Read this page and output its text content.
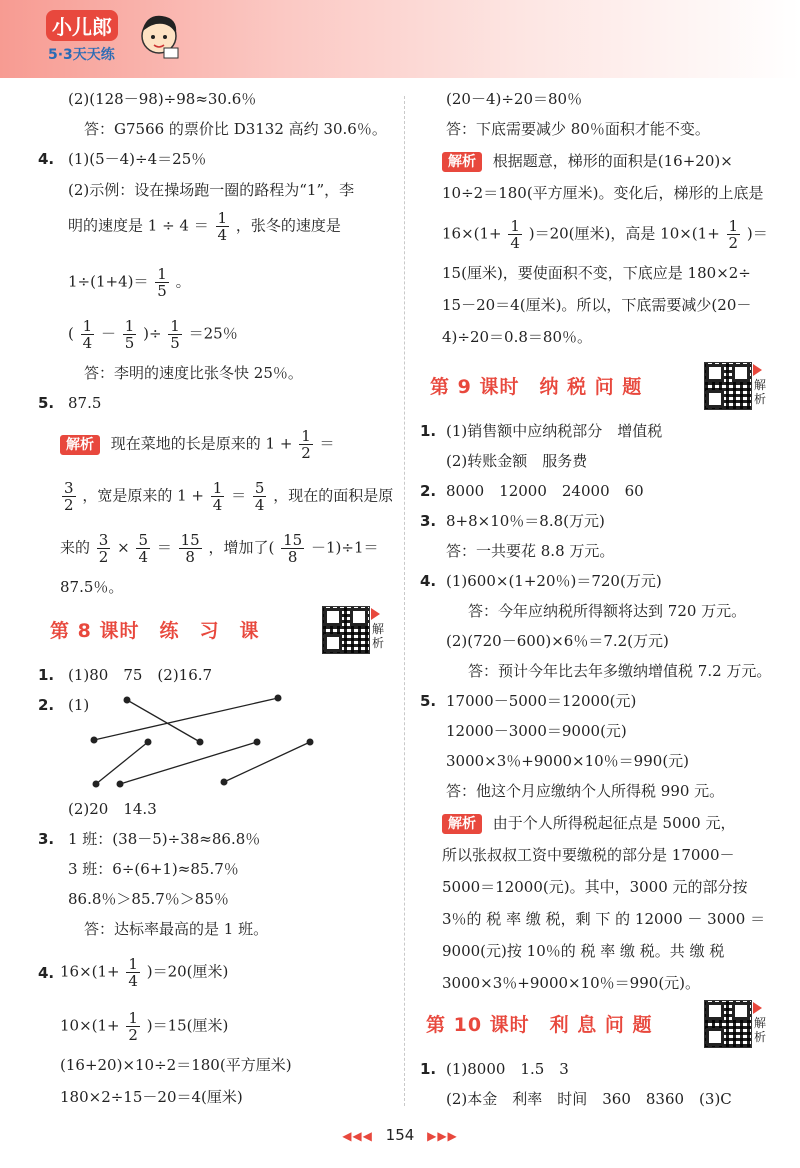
小儿郎
5·3天天练
(2)(128－98)÷98≈30.6％
答：G7566 的票价比 D3132 高约 30.6％。
4. (1)(5－4)÷4＝25％
(2)示例：设在操场跑一圈的路程为“1”，李
明的速度是 $1 \div 4 = \frac{1}{4}$ ，张冬的速度是
$1\div(1+4)= \frac{1}{5}$ 。
( $\frac{1}{4} - \frac{1}{5}$ )÷ $\frac{1}{5} =25$％
答：李明的速度比张冬快 25％。
5. 87.5
解析 现在菜地的长是原来的 $1 + \frac{1}{2}$ ＝
$\frac{3}{2}$ ，宽是原来的 $1 + \frac{1}{4} = \frac{5}{4}$ ，现在的面积是原
来的 $\frac{3}{2} \times \frac{5}{4} = \frac{15}{8}$ ，增加了( $\frac{15}{8} -1)\div 1=$
87.5％。
第 8 课时　练　习　课	解析
1. (1)80　75　(2)16.7
2. (1)
(2)20　14.3
3. 1 班：(38－5)÷38≈86.8％
3 班：6÷(6+1)≈85.7％
86.8％＞85.7％＞85％
答：达标率最高的是 1 班。
4. $16\times(1+ \frac{1}{4} )=20$(厘米)
$10\times(1+ \frac{1}{2} )=15$(厘米)
(16+20)×10÷2＝180(平方厘米)
180×2÷15－20＝4(厘米)
(20－4)÷20＝80％
答：下底需要减少 80％面积才能不变。
解析 根据题意，梯形的面积是(16+20)×
10÷2＝180(平方厘米)。变化后，梯形的上底是
$16\times(1+ \frac{1}{4} )=20$(厘米)，高是 $10\times(1+ \frac{1}{2}$ )＝
15(厘米)，要使面积不变，下底应是 180×2÷
15－20＝4(厘米)。所以，下底需要减少(20－
4)÷20＝0.8＝80％。
第 9 课时　纳 税 问 题	解析
1. (1)销售额中应纳税部分　增值税
(2)转账金额　服务费
2. 8000　12000　24000　60
3. 8+8×10％＝8.8(万元)
答：一共要花 8.8 万元。
4. (1)600×(1+20％)＝720(万元)
答：今年应纳税所得额将达到 720 万元。
(2)(720－600)×6％＝7.2(万元)
答：预计今年比去年多缴纳增值税 7.2 万元。
5. 17000－5000＝12000(元)
12000－3000＝9000(元)
3000×3％+9000×10％＝990(元)
答：他这个月应缴纳个人所得税 990 元。
解析 由于个人所得税起征点是 5000 元，
所以张叔叔工资中要缴税的部分是 17000－
5000＝12000(元)。其中，3000 元的部分按
3％的 税 率 缴 税，剩 下 的 12000 － 3000 ＝
9000(元)按 10％的 税 率 缴 税。共 缴 税
3000×3％+9000×10％＝990(元)。
第 10 课时　利 息 问 题	解析
1. (1)8000　1.5　3
(2)本金　利率　时间　360　8360　(3)C
◀◀◀ 154 ▶▶▶
